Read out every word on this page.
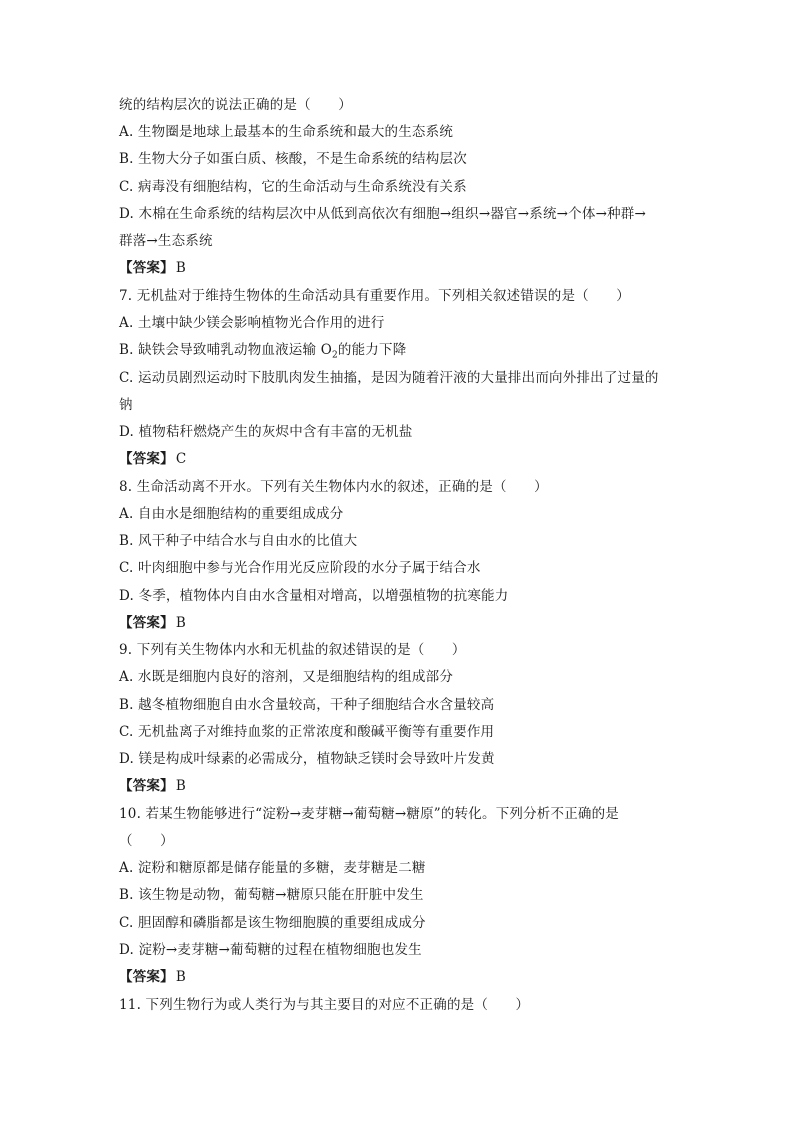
统的结构层次的说法正确的是（　　）
A. 生物圈是地球上最基本的生命系统和最大的生态系统
B. 生物大分子如蛋白质、核酸，不是生命系统的结构层次
C. 病毒没有细胞结构，它的生命活动与生命系统没有关系
D. 木棉在生命系统的结构层次中从低到高依次有细胞→组织→器官→系统→个体→种群→
群落→生态系统
【答案】 B
7. 无机盐对于维持生物体的生命活动具有重要作用。下列相关叙述错误的是（　　）
A. 土壤中缺少镁会影响植物光合作用的进行
B. 缺铁会导致哺乳动物血液运输 $O_2$的能力下降
C. 运动员剧烈运动时下肢肌肉发生抽搐，是因为随着汗液的大量排出而向外排出了过量的
钠
D. 植物秸秆燃烧产生的灰烬中含有丰富的无机盐
【答案】 C
8. 生命活动离不开水。下列有关生物体内水的叙述，正确的是（　　）
A. 自由水是细胞结构的重要组成成分
B. 风干种子中结合水与自由水的比值大
C. 叶肉细胞中参与光合作用光反应阶段的水分子属于结合水
D. 冬季，植物体内自由水含量相对增高，以增强植物的抗寒能力
【答案】 B
9. 下列有关生物体内水和无机盐的叙述错误的是（　　）
A. 水既是细胞内良好的溶剂，又是细胞结构的组成部分
B. 越冬植物细胞自由水含量较高，干种子细胞结合水含量较高
C. 无机盐离子对维持血浆的正常浓度和酸碱平衡等有重要作用
D. 镁是构成叶绿素的必需成分，植物缺乏镁时会导致叶片发黄
【答案】 B
10. 若某生物能够进行“淀粉→麦芽糖→葡萄糖→糖原”的转化。下列分析不正确的是
（　　）
A. 淀粉和糖原都是储存能量的多糖，麦芽糖是二糖
B. 该生物是动物，葡萄糖→糖原只能在肝脏中发生
C. 胆固醇和磷脂都是该生物细胞膜的重要组成成分
D. 淀粉→麦芽糖→葡萄糖的过程在植物细胞也发生
【答案】 B
11. 下列生物行为或人类行为与其主要目的对应不正确的是（　　）
